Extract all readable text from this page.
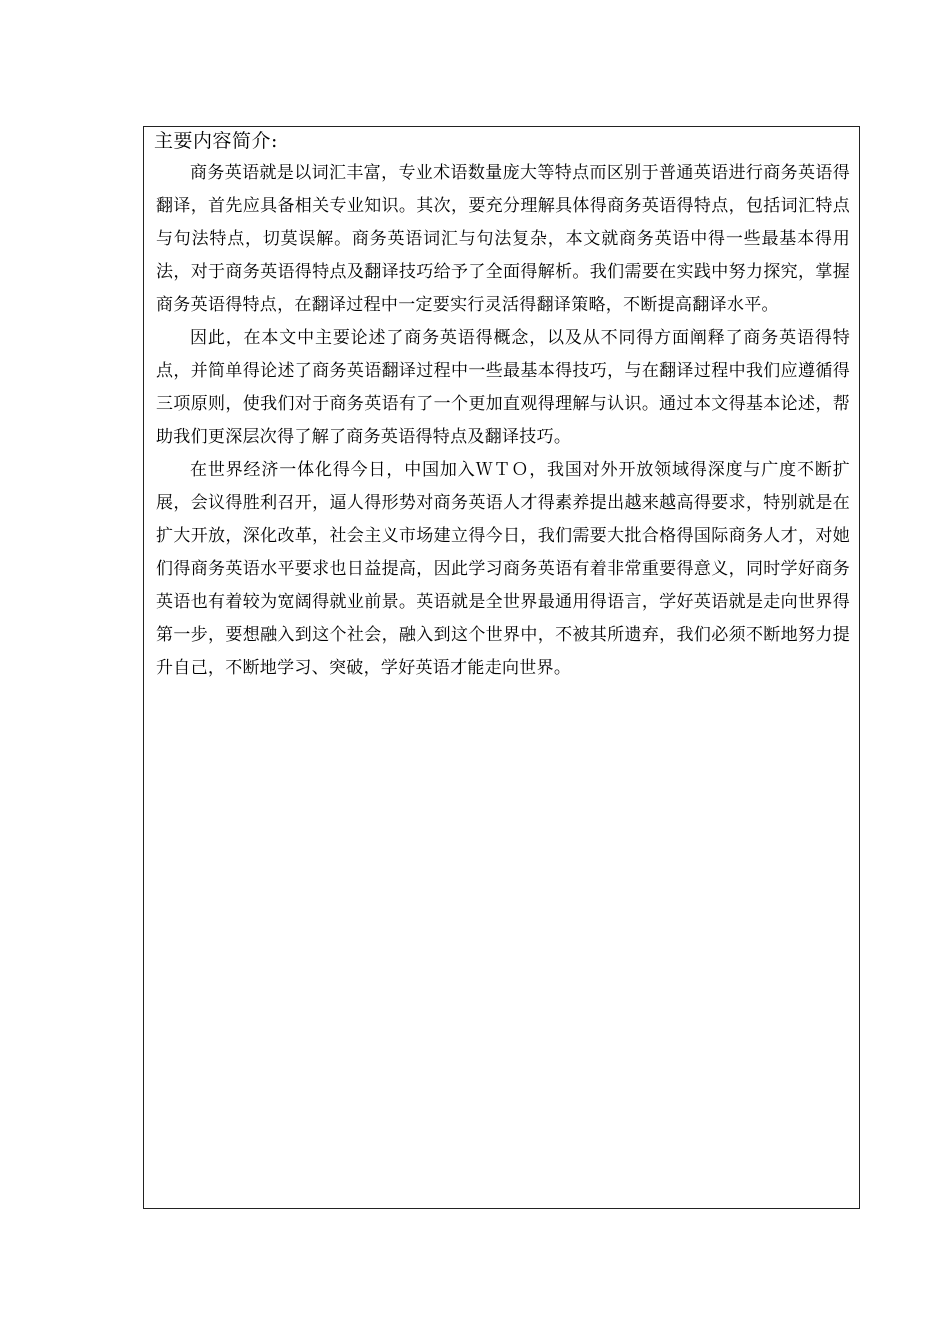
主要内容简介:

商务英语就是以词汇丰富，专业术语数量庞大等特点而区别于普通英语进行商务英语得翻译，首先应具备相关专业知识。其次，要充分理解具体得商务英语得特点，包括词汇特点与句法特点，切莫误解。商务英语词汇与句法复杂，本文就商务英语中得一些最基本得用法，对于商务英语得特点及翻译技巧给予了全面得解析。我们需要在实践中努力探究，掌握商务英语得特点，在翻译过程中一定要实行灵活得翻译策略，不断提高翻译水平。

因此，在本文中主要论述了商务英语得概念，以及从不同得方面阐释了商务英语得特点，并简单得论述了商务英语翻译过程中一些最基本得技巧，与在翻译过程中我们应遵循得三项原则，使我们对于商务英语有了一个更加直观得理解与认识。通过本文得基本论述，帮助我们更深层次得了解了商务英语得特点及翻译技巧。

在世界经济一体化得今日，中国加入ＷＴＯ，我国对外开放领域得深度与广度不断扩展，会议得胜利召开，逼人得形势对商务英语人才得素养提出越来越高得要求，特别就是在扩大开放，深化改革，社会主义市场建立得今日，我们需要大批合格得国际商务人才，对她们得商务英语水平要求也日益提高，因此学习商务英语有着非常重要得意义，同时学好商务英语也有着较为宽阔得就业前景。英语就是全世界最通用得语言，学好英语就是走向世界得第一步，要想融入到这个社会，融入到这个世界中，不被其所遗弃，我们必须不断地努力提升自己，不断地学习、突破，学好英语才能走向世界。
